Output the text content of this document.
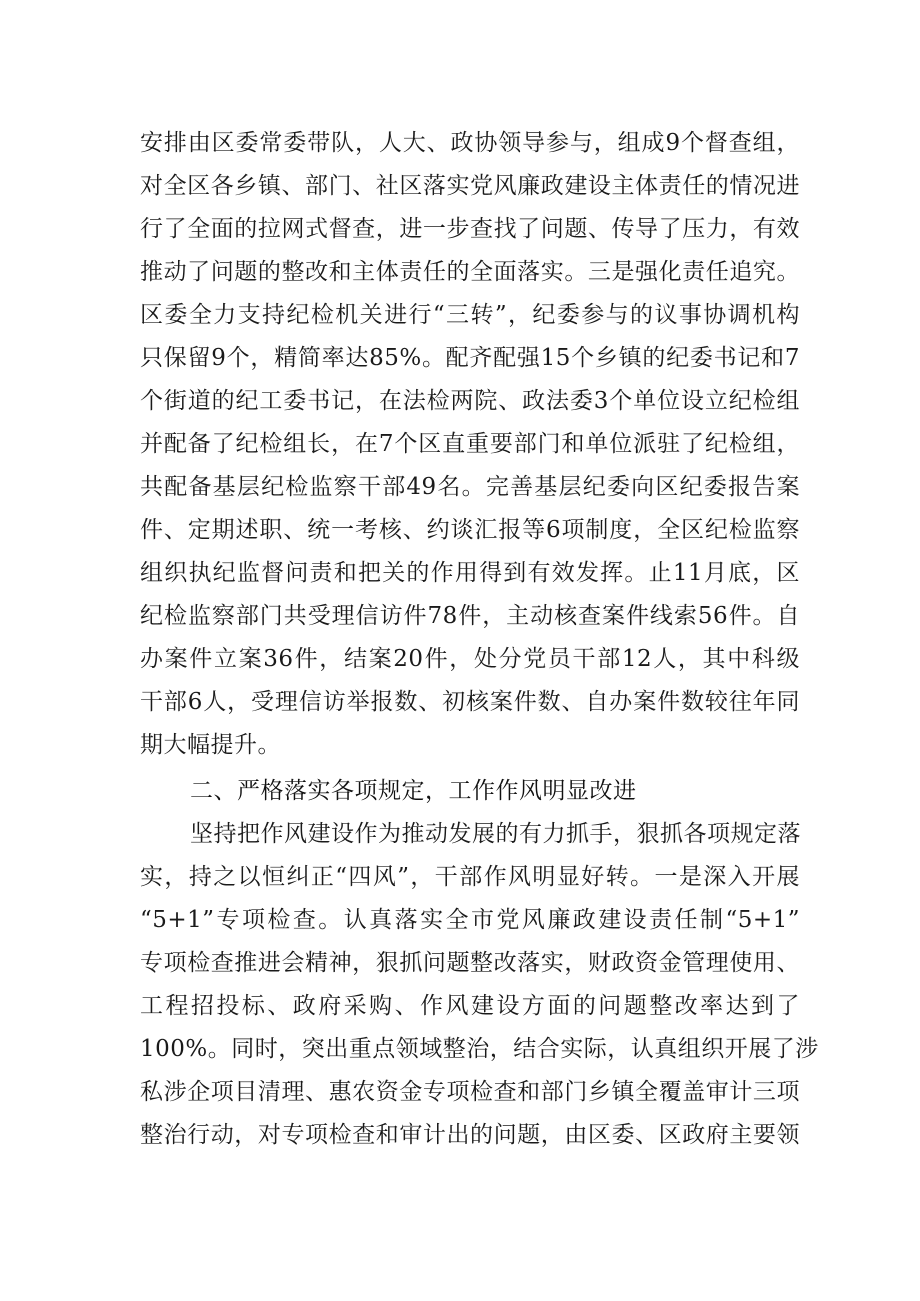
安排由区委常委带队，人大、政协领导参与，组成9个督查组，
对全区各乡镇、部门、社区落实党风廉政建设主体责任的情况进
行了全面的拉网式督查，进一步查找了问题、传导了压力，有效
推动了问题的整改和主体责任的全面落实。三是强化责任追究。
区委全力支持纪检机关进行“三转”，纪委参与的议事协调机构
只保留9个，精简率达85%。配齐配强15个乡镇的纪委书记和7
个街道的纪工委书记，在法检两院、政法委3个单位设立纪检组
并配备了纪检组长，在7个区直重要部门和单位派驻了纪检组，
共配备基层纪检监察干部49名。完善基层纪委向区纪委报告案
件、定期述职、统一考核、约谈汇报等6项制度，全区纪检监察
组织执纪监督问责和把关的作用得到有效发挥。止11月底，区
纪检监察部门共受理信访件78件，主动核查案件线索56件。自
办案件立案36件，结案20件，处分党员干部12人，其中科级
干部6人，受理信访举报数、初核案件数、自办案件数较往年同
期大幅提升。
二、严格落实各项规定，工作作风明显改进
坚持把作风建设作为推动发展的有力抓手，狠抓各项规定落
实，持之以恒纠正“四风”，干部作风明显好转。一是深入开展
“5+1”专项检查。认真落实全市党风廉政建设责任制“5+1”
专项检查推进会精神，狠抓问题整改落实，财政资金管理使用、
工程招投标、政府采购、作风建设方面的问题整改率达到了
100%。同时，突出重点领域整治，结合实际，认真组织开展了涉
私涉企项目清理、惠农资金专项检查和部门乡镇全覆盖审计三项
整治行动，对专项检查和审计出的问题，由区委、区政府主要领
